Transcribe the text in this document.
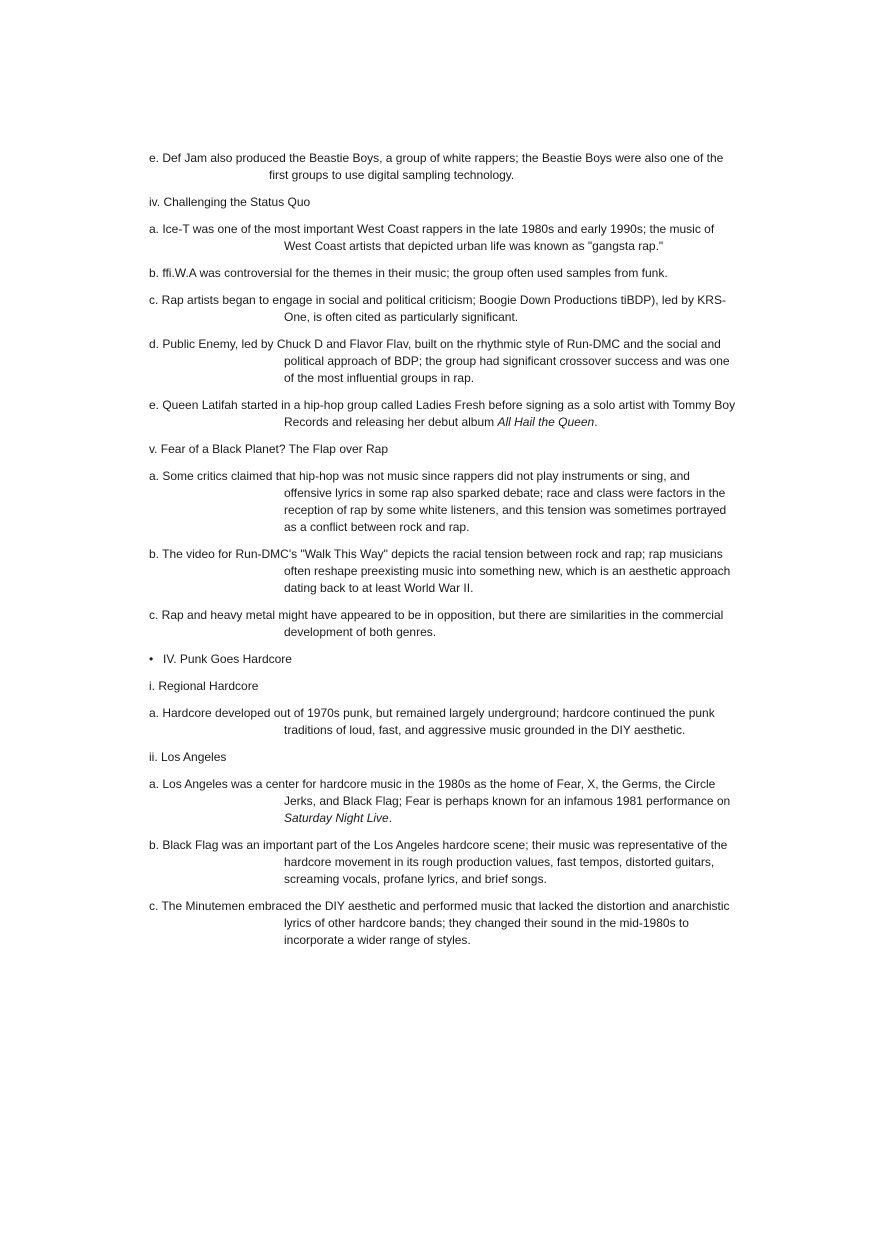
e. Def Jam also produced the Beastie Boys, a group of white rappers; the Beastie Boys were also one of the first groups to use digital sampling technology.

iv. Challenging the Status Quo

a. Ice-T was one of the most important West Coast rappers in the late 1980s and early 1990s; the music of West Coast artists that depicted urban life was known as "gangsta rap."

b. ffi.W.A was controversial for the themes in their music; the group often used samples from funk.

c. Rap artists began to engage in social and political criticism; Boogie Down Productions tiBDP), led by KRS-One, is often cited as particularly significant.

d. Public Enemy, led by Chuck D and Flavor Flav, built on the rhythmic style of Run-DMC and the social and political approach of BDP; the group had significant crossover success and was one of the most influential groups in rap.

e. Queen Latifah started in a hip-hop group called Ladies Fresh before signing as a solo artist with Tommy Boy Records and releasing her debut album All Hail the Queen.

v. Fear of a Black Planet? The Flap over Rap

a. Some critics claimed that hip-hop was not music since rappers did not play instruments or sing, and offensive lyrics in some rap also sparked debate; race and class were factors in the reception of rap by some white listeners, and this tension was sometimes portrayed as a conflict between rock and rap.

b. The video for Run-DMC's "Walk This Way" depicts the racial tension between rock and rap; rap musicians often reshape preexisting music into something new, which is an aesthetic approach dating back to at least World War II.

c. Rap and heavy metal might have appeared to be in opposition, but there are similarities in the commercial development of both genres.

• IV. Punk Goes Hardcore

i. Regional Hardcore

a. Hardcore developed out of 1970s punk, but remained largely underground; hardcore continued the punk traditions of loud, fast, and aggressive music grounded in the DIY aesthetic.

ii. Los Angeles

a. Los Angeles was a center for hardcore music in the 1980s as the home of Fear, X, the Germs, the Circle Jerks, and Black Flag; Fear is perhaps known for an infamous 1981 performance on Saturday Night Live.

b. Black Flag was an important part of the Los Angeles hardcore scene; their music was representative of the hardcore movement in its rough production values, fast tempos, distorted guitars, screaming vocals, profane lyrics, and brief songs.

c. The Minutemen embraced the DIY aesthetic and performed music that lacked the distortion and anarchistic lyrics of other hardcore bands; they changed their sound in the mid-1980s to incorporate a wider range of styles.
